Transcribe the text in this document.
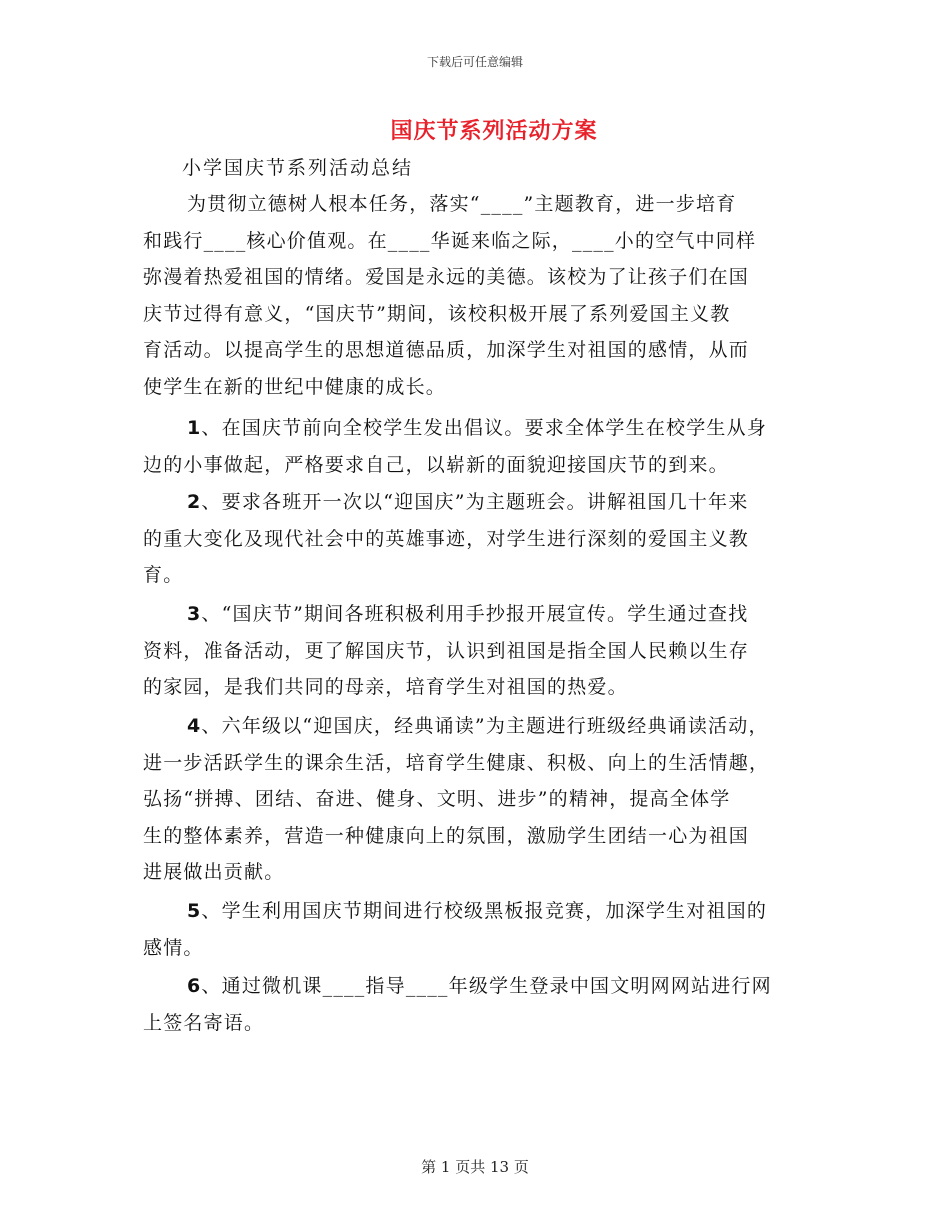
下载后可任意编辑
国庆节系列活动方案
小学国庆节系列活动总结

为贯彻立德树人根本任务，落实“____”主题教育，进一步培育
和践行____核心价值观。在____华诞来临之际，____小的空气中同样
弥漫着热爱祖国的情绪。爱国是永远的美德。该校为了让孩子们在国
庆节过得有意义，“国庆节”期间，该校积极开展了系列爱国主义教
育活动。以提高学生的思想道德品质，加深学生对祖国的感情，从而
使学生在新的世纪中健康的成长。

1、在国庆节前向全校学生发出倡议。要求全体学生在校学生从身
边的小事做起，严格要求自己，以崭新的面貌迎接国庆节的到来。

2、要求各班开一次以“迎国庆”为主题班会。讲解祖国几十年来
的重大变化及现代社会中的英雄事迹，对学生进行深刻的爱国主义教
育。

3、“国庆节”期间各班积极利用手抄报开展宣传。学生通过查找
资料，准备活动，更了解国庆节，认识到祖国是指全国人民赖以生存
的家园，是我们共同的母亲，培育学生对祖国的热爱。

4、六年级以“迎国庆，经典诵读”为主题进行班级经典诵读活动，
进一步活跃学生的课余生活，培育学生健康、积极、向上的生活情趣，
弘扬“拼搏、团结、奋进、健身、文明、进步”的精神，提高全体学
生的整体素养，营造一种健康向上的氛围，激励学生团结一心为祖国
进展做出贡献。

5、学生利用国庆节期间进行校级黑板报竞赛，加深学生对祖国的
感情。

6、通过微机课____指导____年级学生登录中国文明网网站进行网
上签名寄语。

第 1 页共 13 页
